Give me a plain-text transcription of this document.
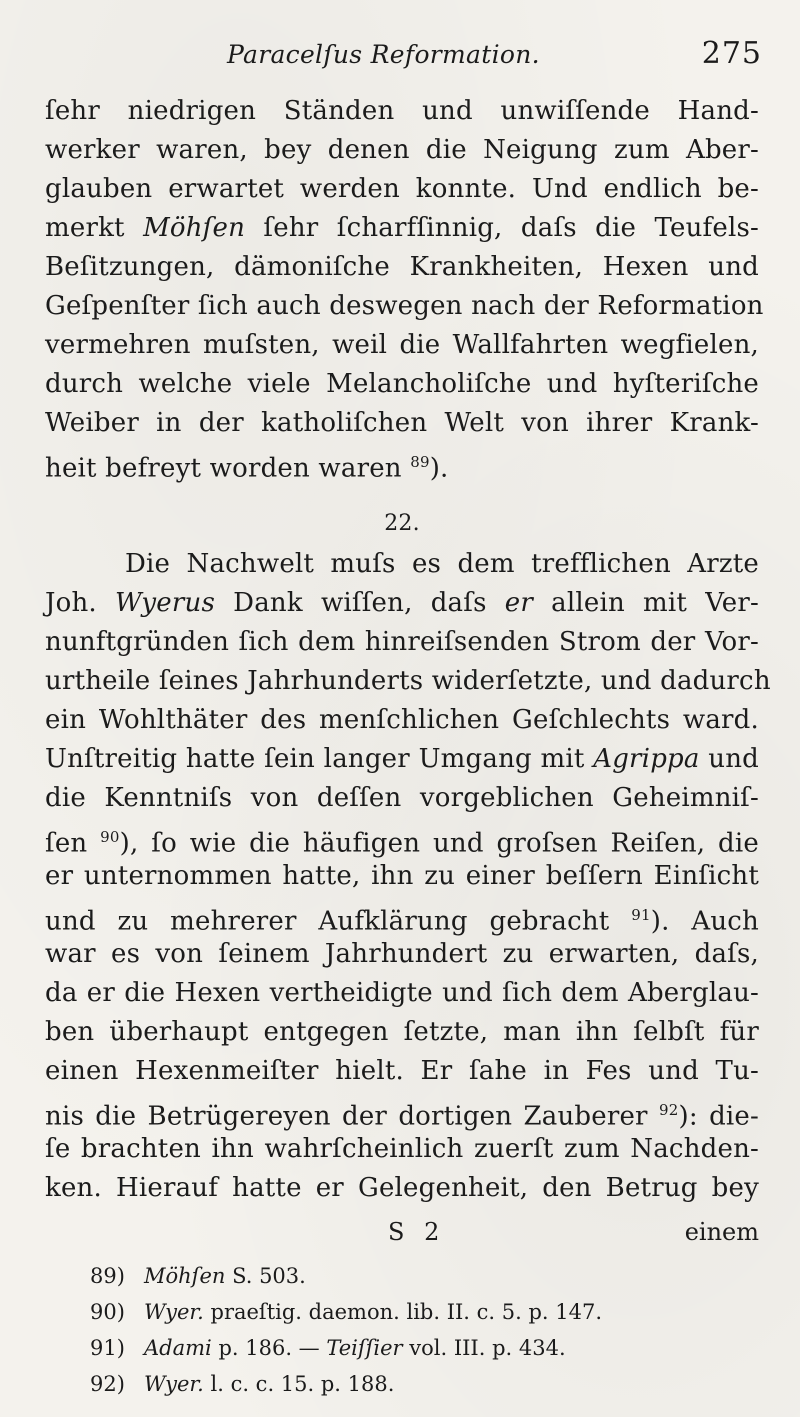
Paracelſus Reformation.	275
ſehr niedrigen Ständen und unwiſſende Hand-
werker waren, bey denen die Neigung zum Aber-
glauben erwartet werden konnte. Und endlich be-
merkt Möhſen ſehr ſcharfſinnig, daſs die Teufels-
Beſitzungen, dämoniſche Krankheiten, Hexen und
Geſpenſter ſich auch deswegen nach der Reformation
vermehren muſsten, weil die Wallfahrten wegfielen,
durch welche viele Melancholiſche und hyſteriſche
Weiber in der katholiſchen Welt von ihrer Krank-
heit befreyt worden waren $^{89}$).
22.
Die Nachwelt muſs es dem trefflichen Arzte
Joh. Wyerus Dank wiſſen, daſs er allein mit Ver-
nunftgründen ſich dem hinreiſsenden Strom der Vor-
urtheile ſeines Jahrhunderts widerſetzte, und dadurch
ein Wohlthäter des menſchlichen Geſchlechts ward.
Unſtreitig hatte ſein langer Umgang mit Agrippa und
die Kenntniſs von deſſen vorgeblichen Geheimniſ-
ſen $^{90}$), ſo wie die häufigen und groſsen Reiſen, die
er unternommen hatte, ihn zu einer beſſern Einſicht
und zu mehrerer Aufklärung gebracht $^{91}$). Auch
war es von ſeinem Jahrhundert zu erwarten, daſs,
da er die Hexen vertheidigte und ſich dem Aberglau-
ben überhaupt entgegen ſetzte, man ihn ſelbſt für
einen Hexenmeiſter hielt. Er ſahe in Fes und Tu-
nis die Betrügereyen der dortigen Zauberer $^{92}$): die-
ſe brachten ihn wahrſcheinlich zuerſt zum Nachden-
ken. Hierauf hatte er Gelegenheit, den Betrug bey
S 2	einem
89) Möhſen S. 503.
90) Wyer. praeſtig. daemon. lib. II. c. 5. p. 147.
91) Adami p. 186. — Teiſſier vol. III. p. 434.
92) Wyer. l. c. c. 15. p. 188.
